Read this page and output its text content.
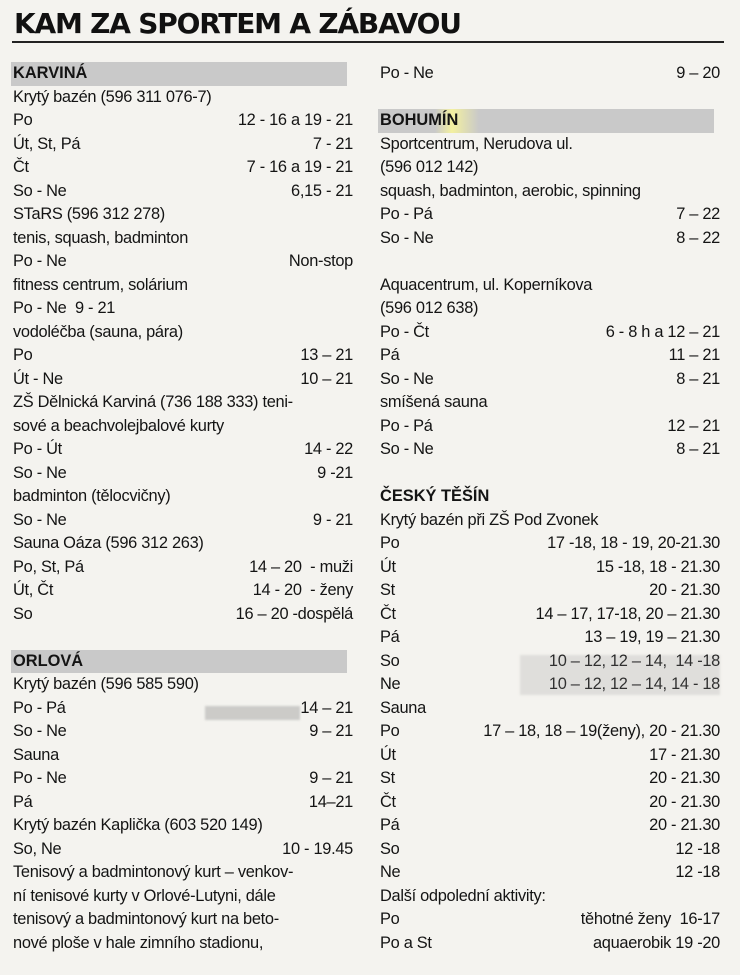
KAM ZA SPORTEM A ZÁBAVOU
KARVINÁ
Krytý bazén (596 311 076-7)
Po	12 - 16 a 19 - 21
Út, St, Pá	7 - 21
Čt	7 - 16 a 19 - 21
So - Ne	6,15 - 21
STaRS (596 312 278)
tenis, squash, badminton
Po - Ne	Non-stop
fitness centrum, solárium
Po - Ne  9 - 21
vodoléčba (sauna, pára)
Po	13 – 21
Út - Ne	10 – 21
ZŠ Dělnická Karviná (736 188 333) teni-
sové a beachvolejbalové kurty
Po - Út	14 - 22
So - Ne	9 -21
badminton (tělocvičny)
So - Ne	9 - 21
Sauna Oáza (596 312 263)
Po, St, Pá	14 – 20  - muži
Út, Čt	14 - 20  - ženy
So	16 – 20 -dospělá
ORLOVÁ
Krytý bazén (596 585 590)
Po - Pá	14 – 21
So - Ne	9 – 21
Sauna
Po - Ne	9 – 21
Pá	14–21
Krytý bazén Kaplička (603 520 149)
So, Ne	10 - 19.45
Tenisový a badmintonový kurt – venkov-
ní tenisové kurty v Orlové-Lutyni, dále
tenisový a badmintonový kurt na beto-
nové ploše v hale zimního stadionu,
Po - Ne	9 – 20
BOHUMÍN
Sportcentrum, Nerudova ul.
(596 012 142)
squash, badminton, aerobic, spinning
Po - Pá	7 – 22
So - Ne	8 – 22
Aquacentrum, ul. Koperníkova
(596 012 638)
Po - Čt	6 - 8 h a 12 – 21
Pá	11 – 21
So - Ne	8 – 21
smíšená sauna
Po - Pá	12 – 21
So - Ne	8 – 21
ČESKÝ TĚŠÍN
Krytý bazén při ZŠ Pod Zvonek
Po	17 -18, 18 - 19, 20-21.30
Út	15 -18, 18 - 21.30
St	20 - 21.30
Čt	14 – 17, 17-18, 20 – 21.30
Pá	13 – 19, 19 – 21.30
So	10 – 12, 12 – 14,  14 -18
Ne	10 – 12, 12 – 14, 14 - 18
Sauna
Po	17 – 18, 18 – 19(ženy), 20 - 21.30
Út	17 - 21.30
St	20 - 21.30
Čt	20 - 21.30
Pá	20 - 21.30
So	12 -18
Ne	12 -18
Další odpolední aktivity:
Po	těhotné ženy  16-17
Po a St	aquaerobik 19 -20
